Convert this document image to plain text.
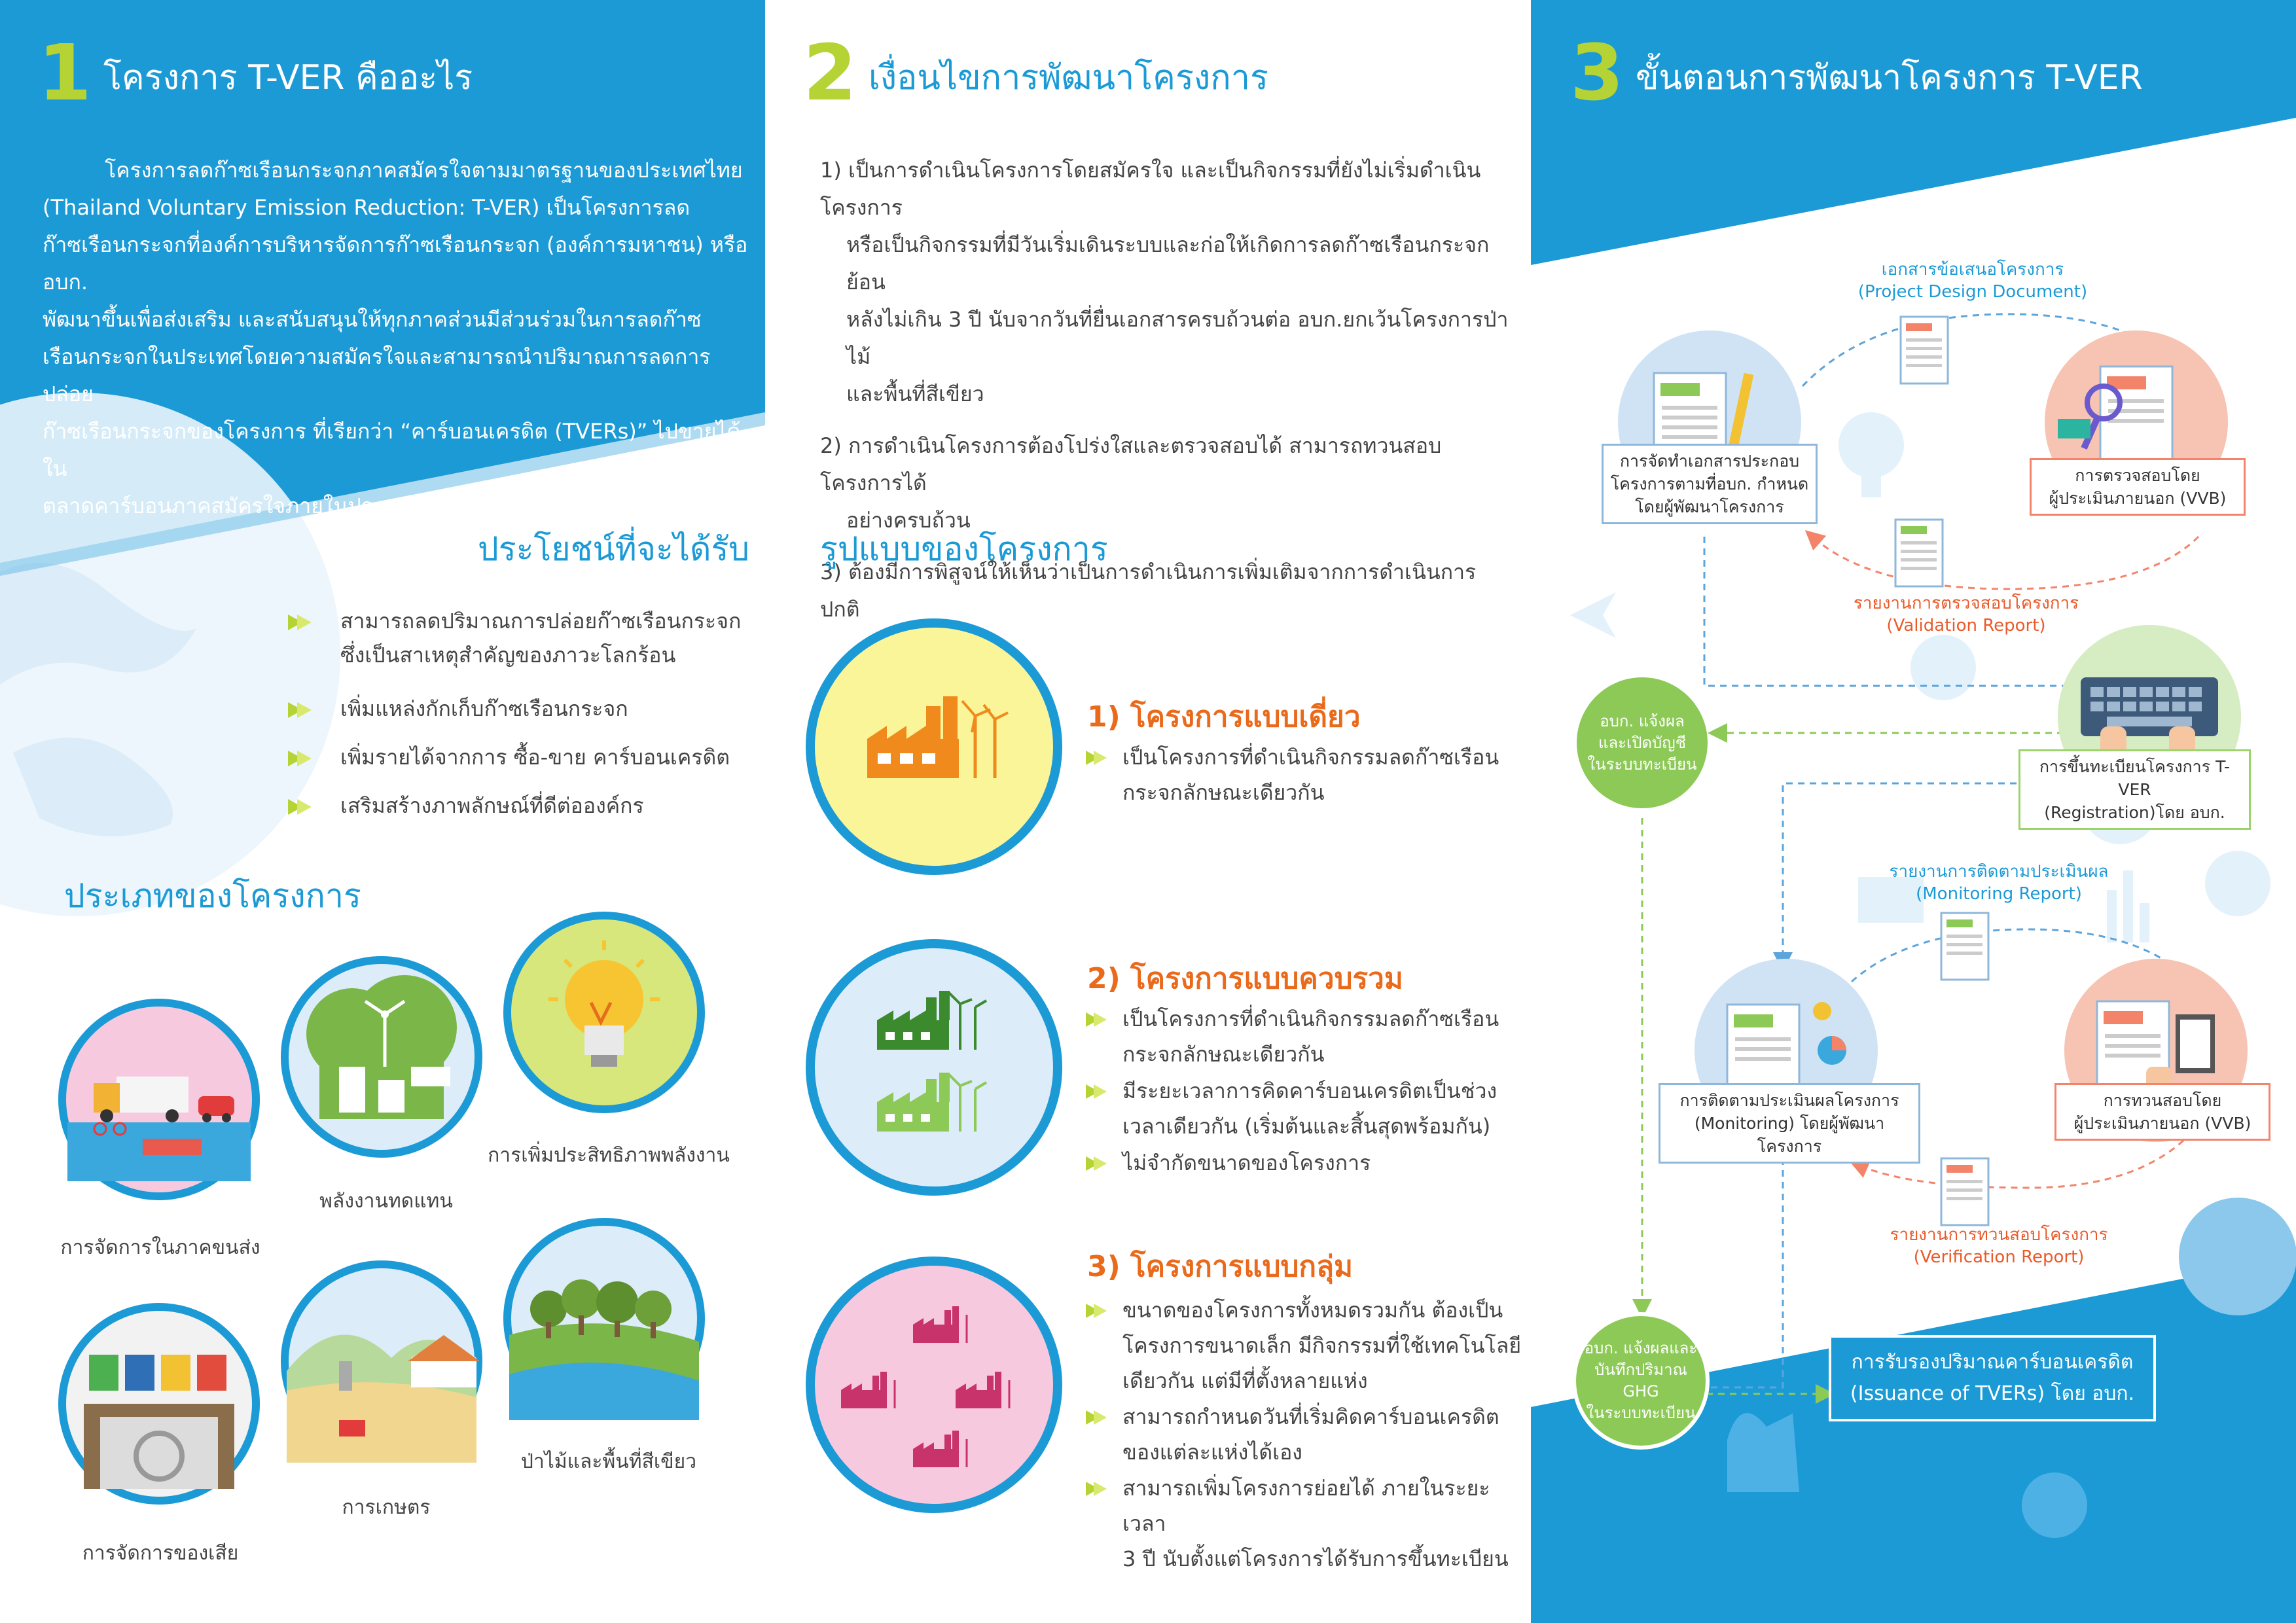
1 โครงการ T-VER คืออะไร
โครงการลดก๊าซเรือนกระจกภาคสมัครใจตามมาตรฐานของประเทศไทย
(Thailand Voluntary Emission Reduction: T-VER) เป็นโครงการลด
ก๊าซเรือนกระจกที่องค์การบริหารจัดการก๊าซเรือนกระจก (องค์การมหาชน) หรือ อบก.
พัฒนาขึ้นเพื่อส่งเสริม และสนับสนุนให้ทุกภาคส่วนมีส่วนร่วมในการลดก๊าซ
เรือนกระจกในประเทศโดยความสมัครใจและสามารถนำปริมาณการลดการปล่อย
ก๊าซเรือนกระจกของโครงการ ที่เรียกว่า “คาร์บอนเครดิต (TVERs)” ไปขายได้ใน
ตลาดคาร์บอนภาคสมัครใจภายในประเทศ
ประโยชน์ที่จะได้รับ
สามารถลดปริมาณการปล่อยก๊าซเรือนกระจก
ซึ่งเป็นสาเหตุสำคัญของภาวะโลกร้อน
เพิ่มแหล่งกักเก็บก๊าซเรือนกระจก
เพิ่มรายได้จากการ ซื้อ-ขาย คาร์บอนเครดิต
เสริมสร้างภาพลักษณ์ที่ดีต่อองค์กร
ประเภทของโครงการ
การจัดการในภาคขนส่ง
พลังงานทดแทน
การเพิ่มประสิทธิภาพพลังงาน
การจัดการของเสีย
การเกษตร
ป่าไม้และพื้นที่สีเขียว
2 เงื่อนไขการพัฒนาโครงการ
1) เป็นการดำเนินโครงการโดยสมัครใจ และเป็นกิจกรรมที่ยังไม่เริ่มดำเนินโครงการ
หรือเป็นกิจกรรมที่มีวันเริ่มเดินระบบและก่อให้เกิดการลดก๊าซเรือนกระจกย้อน
หลังไม่เกิน 3 ปี นับจากวันที่ยื่นเอกสารครบถ้วนต่อ อบก.ยกเว้นโครงการป่าไม้
และพื้นที่สีเขียว
2) การดำเนินโครงการต้องโปร่งใสและตรวจสอบได้ สามารถทวนสอบโครงการได้
อย่างครบถ้วน
3) ต้องมีการพิสูจน์ให้เห็นว่าเป็นการดำเนินการเพิ่มเติมจากการดำเนินการปกติ
รูปแบบของโครงการ
1) โครงการแบบเดี่ยว
เป็นโครงการที่ดำเนินกิจกรรมลดก๊าซเรือน
กระจกลักษณะเดียวกัน
2) โครงการแบบควบรวม
เป็นโครงการที่ดำเนินกิจกรรมลดก๊าซเรือน
กระจกลักษณะเดียวกัน
มีระยะเวลาการคิดคาร์บอนเครดิตเป็นช่วง
เวลาเดียวกัน (เริ่มต้นและสิ้นสุดพร้อมกัน)
ไม่จำกัดขนาดของโครงการ
3) โครงการแบบกลุ่ม
ขนาดของโครงการทั้งหมดรวมกัน ต้องเป็น
โครงการขนาดเล็ก มีกิจกรรมที่ใช้เทคโนโลยี
เดียวกัน แต่มีที่ตั้งหลายแห่ง
สามารถกำหนดวันที่เริ่มคิดคาร์บอนเครดิต
ของแต่ละแห่งได้เอง
สามารถเพิ่มโครงการย่อยได้ ภายในระยะเวลา
3 ปี นับตั้งแต่โครงการได้รับการขึ้นทะเบียน
3 ขั้นตอนการพัฒนาโครงการ T-VER
เอกสารข้อเสนอโครงการ
(Project Design Document)
รายงานการตรวจสอบโครงการ
(Validation Report)
รายงานการติดตามประเมินผล
(Monitoring Report)
รายงานการทวนสอบโครงการ
(Verification Report)
การจัดทำเอกสารประกอบ
โครงการตามที่อบก. กำหนด
โดยผู้พัฒนาโครงการ
การตรวจสอบโดย
ผู้ประเมินภายนอก (VVB)
การขึ้นทะเบียนโครงการ T-VER
(Registration)โดย อบก.
การติดตามประเมินผลโครงการ
(Monitoring) โดยผู้พัฒนาโครงการ
การทวนสอบโดย
ผู้ประเมินภายนอก (VVB)
อบก. แจ้งผล
และเปิดบัญชี
ในระบบทะเบียน
อบก. แจ้งผลและ
บันทึกปริมาณ GHG
ในระบบทะเบียน
การรับรองปริมาณคาร์บอนเครดิต
(Issuance of TVERs) โดย อบก.
